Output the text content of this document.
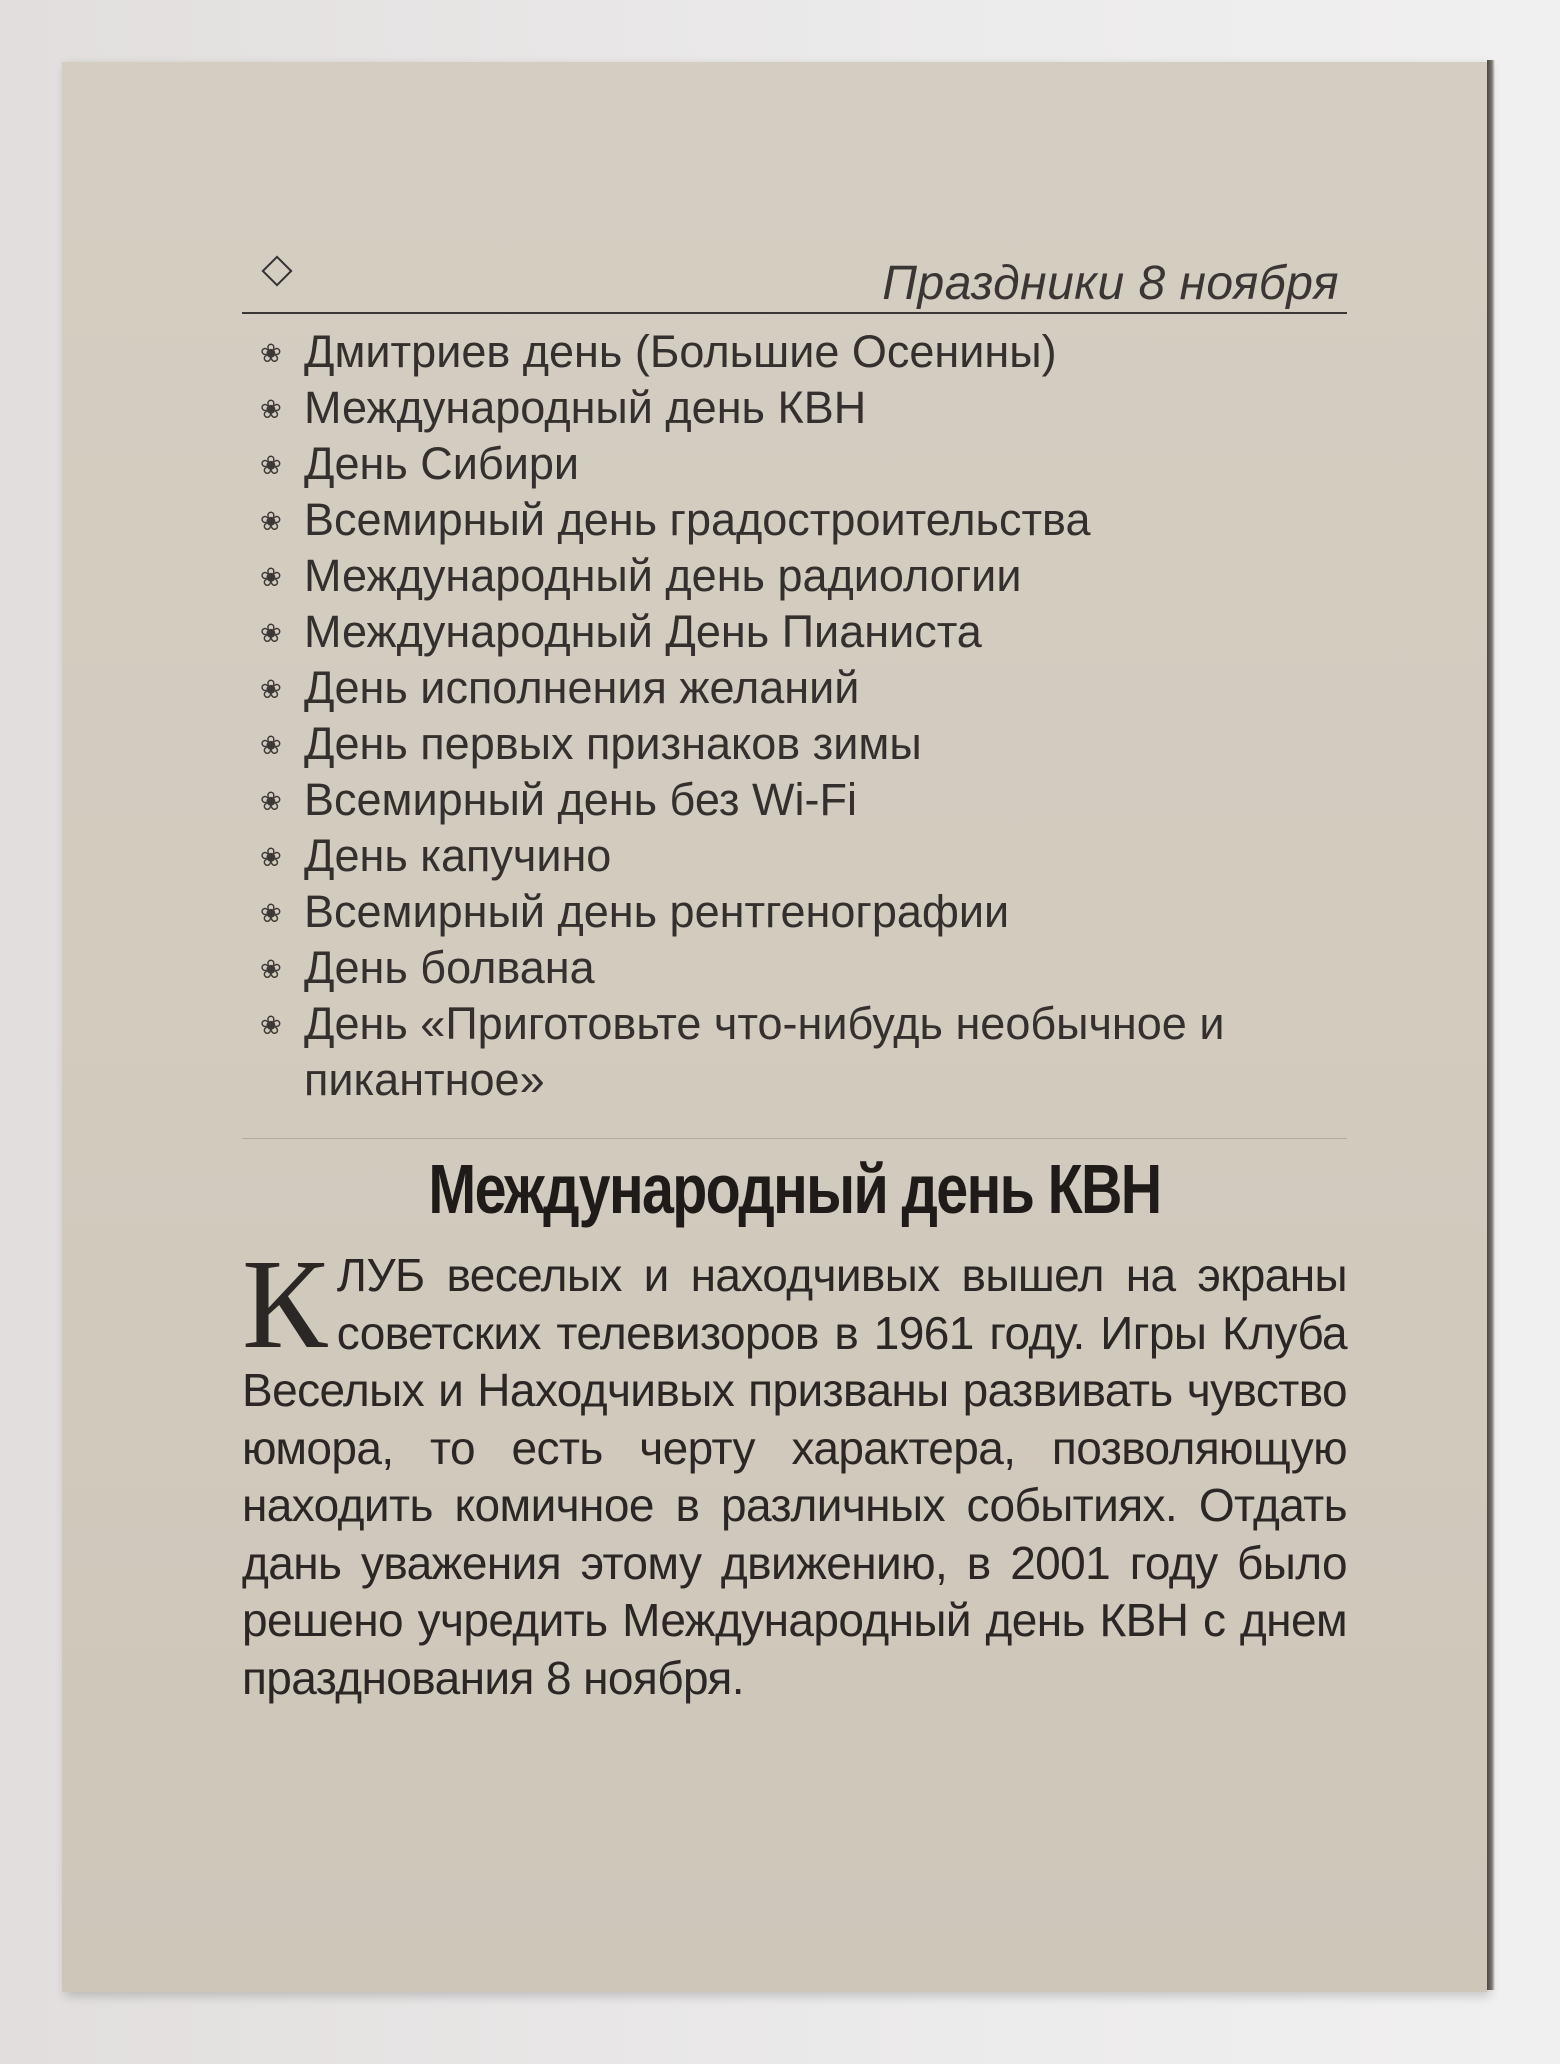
Праздники 8 ноября
❀ Дмитриев день (Большие Осенины)
❀ Международный день КВН
❀ День Сибири
❀ Всемирный день градостроительства
❀ Международный день радиологии
❀ Международный День Пианиста
❀ День исполнения желаний
❀ День первых признаков зимы
❀ Всемирный день без Wi-Fi
❀ День капучино
❀ Всемирный день рентгенографии
❀ День болвана
❀ День «Приготовьте что-нибудь необычное и пикантное»
Международный день КВН
КЛУБ веселых и находчивых вышел на экраны советских телевизоров в 1961 году. Игры Клуба Веселых и Находчивых призваны развивать чувство юмора, то есть черту характера, позволяющую находить комичное в различных событиях. Отдать дань уважения этому движению, в 2001 году было решено учредить Международный день КВН с днем празднования 8 ноября.
